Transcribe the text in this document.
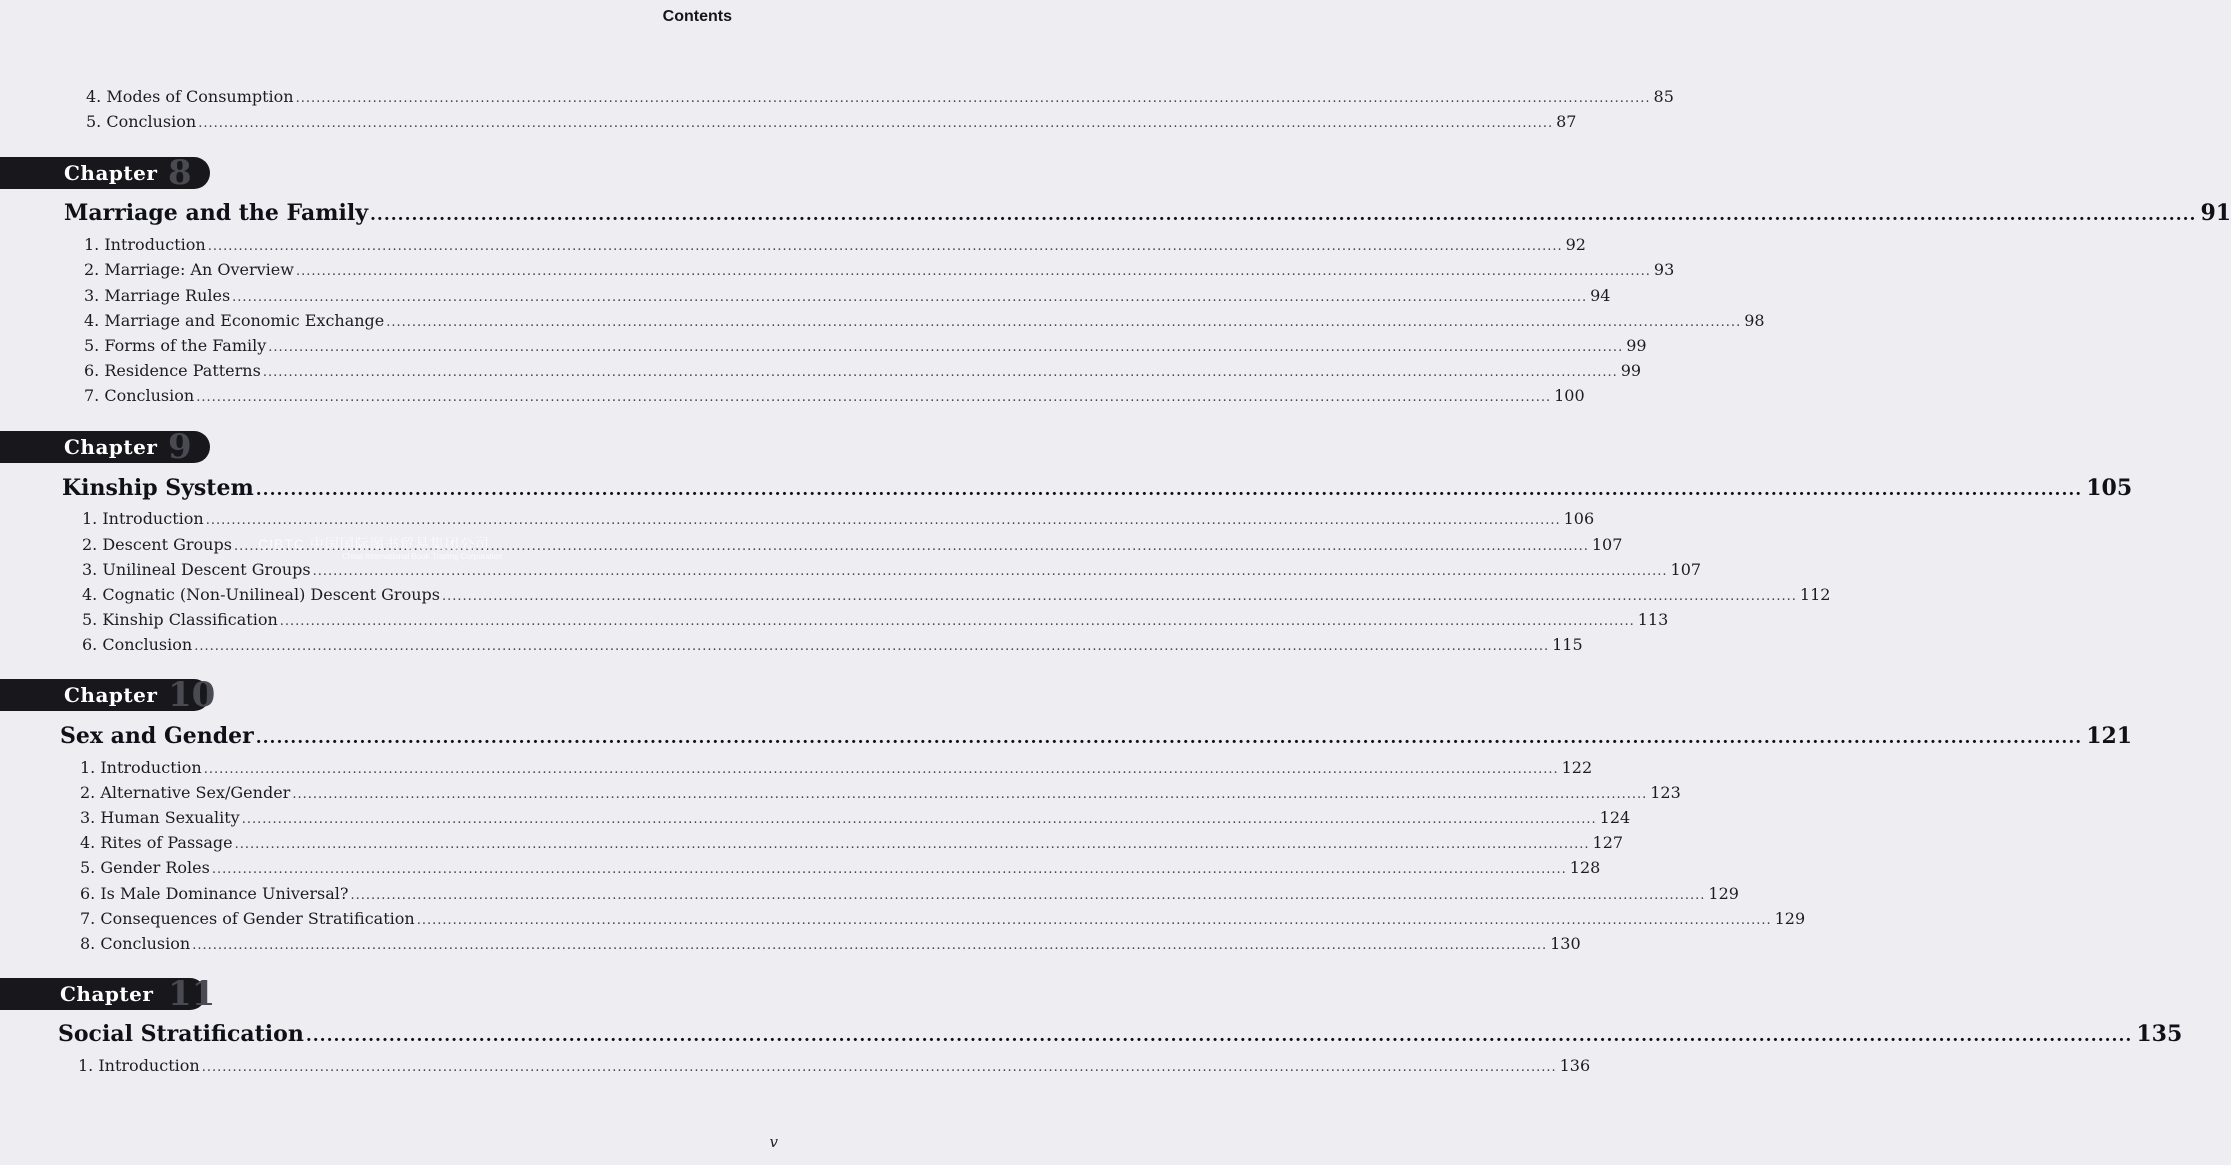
Contents
4. Modes of Consumption .....	85
5. Conclusion .....	87
Chapter 8
Marriage and the Family .....	91
1. Introduction .....	92
2. Marriage: An Overview .....	93
3. Marriage Rules .....	94
4. Marriage and Economic Exchange .....	98
5. Forms of the Family .....	99
6. Residence Patterns .....	99
7. Conclusion .....	100
Chapter 9
Kinship System .....	105
1. Introduction .....	106
2. Descent Groups .....	107
3. Unilineal Descent Groups .....	107
4. Cognatic (Non-Unilineal) Descent Groups .....	112
5. Kinship Classification .....	113
6. Conclusion .....	115
CIBTC 中国国际图书贸易集团公司
China International Book Trading Corporation
Chapter 10
Sex and Gender .....	121
1. Introduction .....	122
2. Alternative Sex/Gender .....	123
3. Human Sexuality .....	124
4. Rites of Passage .....	127
5. Gender Roles .....	128
6. Is Male Dominance Universal? .....	129
7. Consequences of Gender Stratification .....	129
8. Conclusion .....	130
Chapter 11
Social Stratification .....	135
1. Introduction .....	136
v
